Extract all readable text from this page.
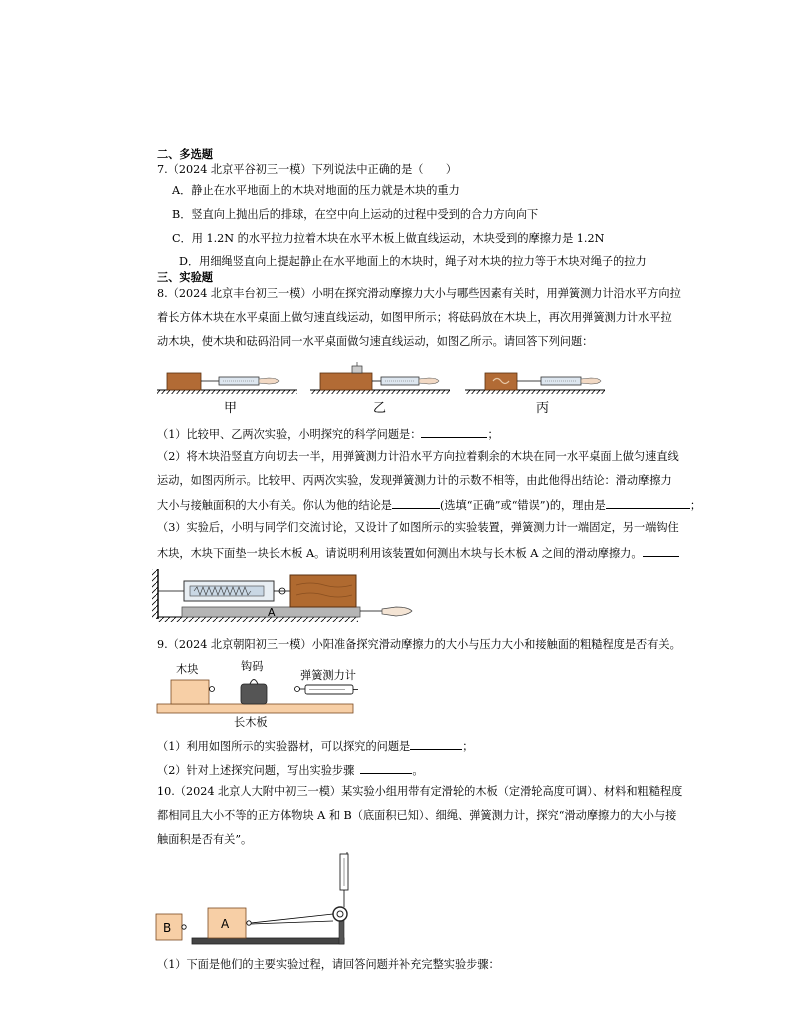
二、多选题
7.（2024 北京平谷初三一模）下列说法中正确的是（　　）
A．静止在水平地面上的木块对地面的压力就是木块的重力
B．竖直向上抛出后的排球，在空中向上运动的过程中受到的合力方向向下
C．用 1.2N 的水平拉力拉着木块在水平木板上做直线运动，木块受到的摩擦力是 1.2N
D．用细绳竖直向上提起静止在水平地面上的木块时，绳子对木块的拉力等于木块对绳子的拉力
三、实验题
8.（2024 北京丰台初三一模）小明在探究滑动摩擦力大小与哪些因素有关时，用弹簧测力计沿水平方向拉
着长方体木块在水平桌面上做匀速直线运动，如图甲所示；将砝码放在木块上，再次用弹簧测力计水平拉
动木块，使木块和砝码沿同一水平桌面做匀速直线运动，如图乙所示。请回答下列问题：
甲	乙	丙
（1）比较甲、乙两次实验，小明探究的科学问题是：	；
（2）将木块沿竖直方向切去一半，用弹簧测力计沿水平方向拉着剩余的木块在同一水平桌面上做匀速直线
运动，如图丙所示。比较甲、丙两次实验，发现弹簧测力计的示数不相等，由此他得出结论：滑动摩擦力
大小与接触面积的大小有关。你认为他的结论是	(选填“正确”或“错误”)的，理由是	；
（3）实验后，小明与同学们交流讨论，又设计了如图所示的实验装置，弹簧测力计一端固定，另一端钩住
木块，木块下面垫一块长木板 A。请说明利用该装置如何测出木块与长木板 A 之间的滑动摩擦力。
A
9.（2024 北京朝阳初三一模）小阳准备探究滑动摩擦力的大小与压力大小和接触面的粗糙程度是否有关。
木块	钩码
弹簧测力计
长木板
（1）利用如图所示的实验器材，可以探究的问题是	；
（2）针对上述探究问题，写出实验步骤	。
10.（2024 北京人大附中初三一模）某实验小组用带有定滑轮的木板（定滑轮高度可调）、材料和粗糙程度
都相同且大小不等的正方体物块 A 和 B（底面积已知）、细绳、弹簧测力计，探究“滑动摩擦力的大小与接
触面积是否有关”。
B	A
（1）下面是他们的主要实验过程，请回答问题并补充完整实验步骤：
